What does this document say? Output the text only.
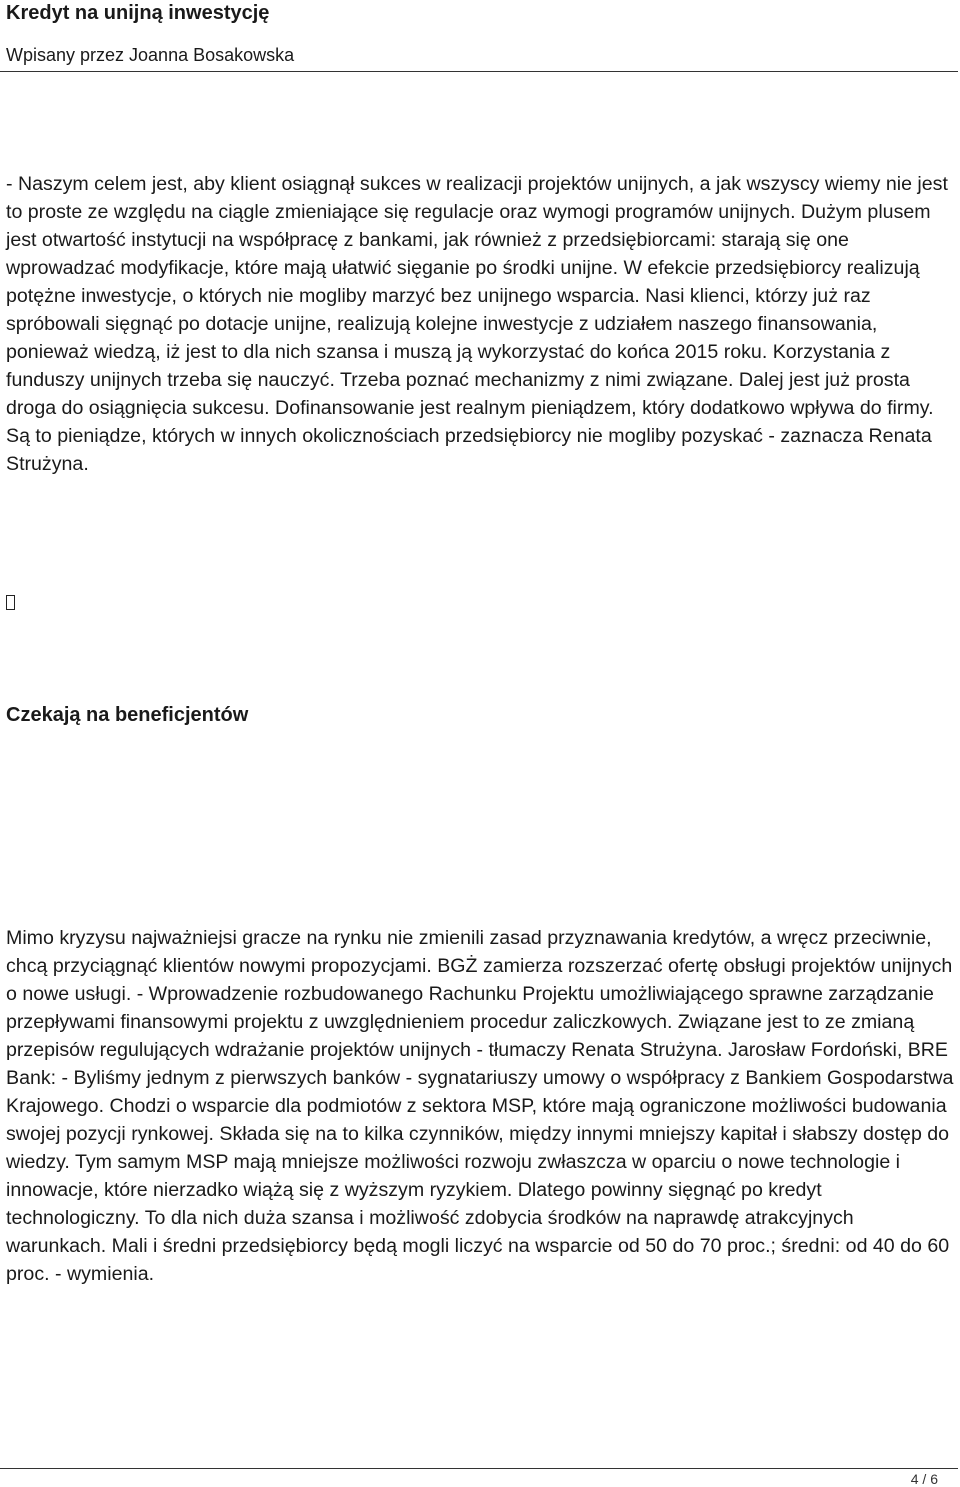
Kredyt na unijną inwestycję

Wpisany przez Joanna Bosakowska

- Naszym celem jest, aby klient osiągnął sukces w realizacji projektów unijnych, a jak wszyscy wiemy nie jest to proste ze względu na ciągle zmieniające się regulacje oraz wymogi programów unijnych. Dużym plusem jest otwartość instytucji na współpracę z bankami, jak również z przedsiębiorcami: starają się one wprowadzać modyfikacje, które mają ułatwić sięganie po środki unijne. W efekcie przedsiębiorcy realizują potężne inwestycje, o których nie mogliby marzyć bez unijnego wsparcia. Nasi klienci, którzy już raz spróbowali sięgnąć po dotacje unijne, realizują kolejne inwestycje z udziałem naszego finansowania, ponieważ wiedzą, iż jest to dla nich szansa i muszą ją wykorzystać do końca 2015 roku. Korzystania z funduszy unijnych trzeba się nauczyć. Trzeba poznać mechanizmy z nimi związane. Dalej jest już prosta droga do osiągnięcia sukcesu. Dofinansowanie jest realnym pieniądzem, który dodatkowo wpływa do firmy. Są to pieniądze, których w innych okolicznościach przedsiębiorcy nie mogliby pozyskać - zaznacza Renata Strużyna.

Czekają na beneficjentów

Mimo kryzysu najważniejsi gracze na rynku nie zmienili zasad przyznawania kredytów, a wręcz przeciwnie, chcą przyciągnąć klientów nowymi propozycjami. BGŻ zamierza rozszerzać ofertę obsługi projektów unijnych o nowe usługi. - Wprowadzenie rozbudowanego Rachunku Projektu umożliwiającego sprawne zarządzanie przepływami finansowymi projektu z uwzględnieniem procedur zaliczkowych. Związane jest to ze zmianą przepisów regulujących wdrażanie projektów unijnych - tłumaczy Renata Strużyna. Jarosław Fordoński, BRE Bank: - Byliśmy jednym z pierwszych banków - sygnatariuszy umowy o współpracy z Bankiem Gospodarstwa Krajowego. Chodzi o wsparcie dla podmiotów z sektora MSP, które mają ograniczone możliwości budowania swojej pozycji rynkowej. Składa się na to kilka czynników, między innymi mniejszy kapitał i słabszy dostęp do wiedzy. Tym samym MSP mają mniejsze możliwości rozwoju zwłaszcza w oparciu o nowe technologie i innowacje, które nierzadko wiążą się z wyższym ryzykiem. Dlatego powinny sięgnąć po kredyt technologiczny. To dla nich duża szansa i możliwość zdobycia środków na naprawdę atrakcyjnych warunkach. Mali i średni przedsiębiorcy będą mogli liczyć na wsparcie od 50 do 70 proc.; średni: od 40 do 60 proc. - wymienia.

4 / 6
